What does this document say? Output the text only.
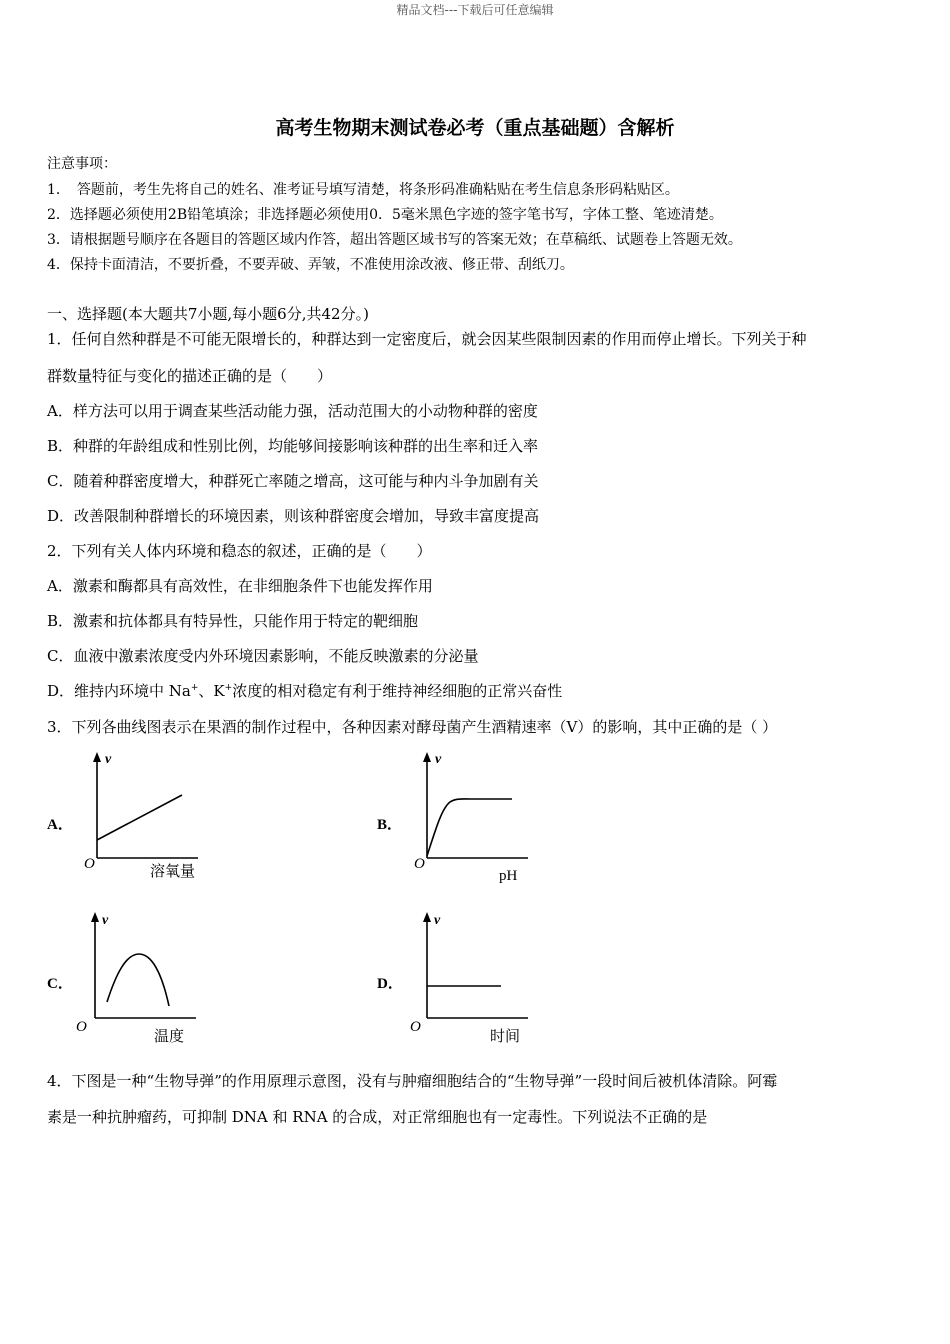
精品文档---下载后可任意编辑
高考生物期末测试卷必考（重点基础题）含解析
注意事项：
1．　答题前，考生先将自己的姓名、准考证号填写清楚，将条形码准确粘贴在考生信息条形码粘贴区。
2．选择题必须使用2B铅笔填涂；非选择题必须使用0．5毫米黑色字迹的签字笔书写，字体工整、笔迹清楚。
3．请根据题号顺序在各题目的答题区域内作答，超出答题区域书写的答案无效；在草稿纸、试题卷上答题无效。
4．保持卡面清洁，不要折叠，不要弄破、弄皱，不准使用涂改液、修正带、刮纸刀。
一、选择题(本大题共7小题,每小题6分,共42分。)
1．任何自然种群是不可能无限增长的，种群达到一定密度后，就会因某些限制因素的作用而停止增长。下列关于种
群数量特征与变化的描述正确的是（　　）
A．样方法可以用于调查某些活动能力强，活动范围大的小动物种群的密度
B．种群的年龄组成和性别比例，均能够间接影响该种群的出生率和迁入率
C．随着种群密度增大，种群死亡率随之增高，这可能与种内斗争加剧有关
D．改善限制种群增长的环境因素，则该种群密度会增加，导致丰富度提高
2．下列有关人体内环境和稳态的叙述，正确的是（　　）
A．激素和酶都具有高效性，在非细胞条件下也能发挥作用
B．激素和抗体都具有特异性，只能作用于特定的靶细胞
C．血液中激素浓度受内外环境因素影响，不能反映激素的分泌量
D．维持内环境中 Na+、K+浓度的相对稳定有利于维持神经细胞的正常兴奋性
3．下列各曲线图表示在果酒的制作过程中，各种因素对酵母菌产生酒精速率（V）的影响，其中正确的是（ ）
A．
v
O	溶氧量
B．
v
O
pH
C．
v
O
温度
D．
v
O
时间
4．下图是一种“生物导弹”的作用原理示意图，没有与肿瘤细胞结合的“生物导弹”一段时间后被机体清除。阿霉
素是一种抗肿瘤药，可抑制 DNA 和 RNA 的合成，对正常细胞也有一定毒性。下列说法不正确的是
